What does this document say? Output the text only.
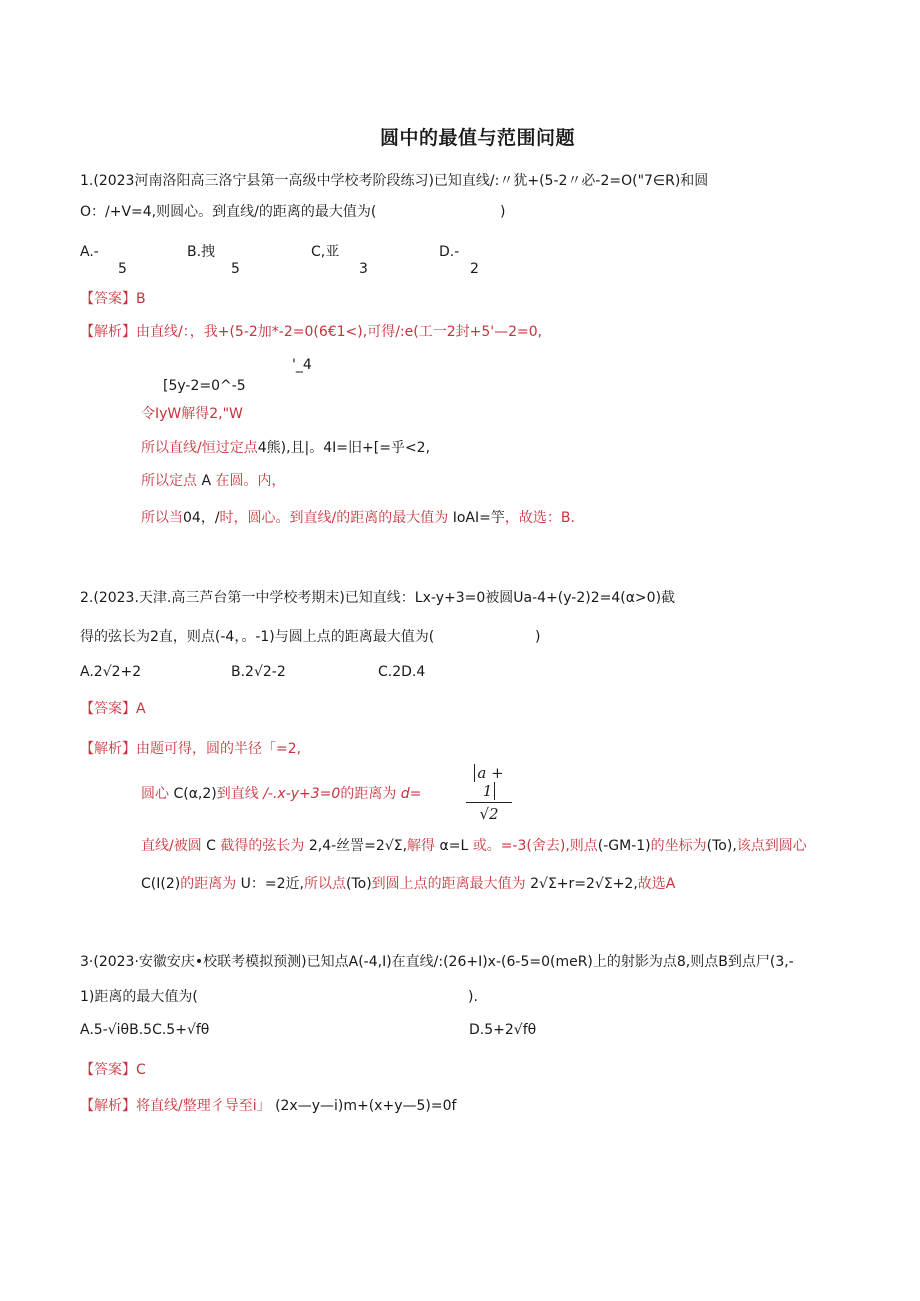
圆中的最值与范围问题
1.(2023河南洛阳高三洛宁县第一高级中学校考阶段练习)已知直线/:〃犹+(5-2〃必-2=O("7∈R)和圆
O：/+V=4,则圆心。到直线/的距离的最大值为(	)
A.-
5
B.拽
5
C,亚
3
D.-
2
【答案】B
【解析】由直线/：，我+(5-2加*-2=0(6€1<),可得/:e(工一2封+5'—2=0,
'_4
[5y-2=0^-5
令IyW解得2,"W
所以直线/恒过定点4熊),且|。4I=旧+[=乎<2,
所以定点 A 在圆。内，
所以当04，/时，圆心。到直线/的距离的最大值为 IoAI=竽，故选：B.
2.(2023.天津.高三芦台第一中学校考期末)已知直线：Lx-y+3=0被圆Ua-4+(y-2)2=4(α>0)截
得的弦长为2直，则点(-4，。-1)与圆上点的距离最大值为(	)
A.2√2+2	B.2√2-2	C.2D.4
【答案】A
【解析】由题可得，圆的半径「=2,
圆心 C(α,2)到直线 /-.x-y+3=0的距离为 d=
a + 1
√2
直线/被圆 C 截得的弦长为 2,4-丝詈=2√Σ,解得 α=L 或。=-3(舍去),则点(-GM-1)的坐标为(To),该点到圆心
C(I(2)的距离为 U：=2近,所以点(To)到圆上点的距离最大值为 2√Σ+r=2√Σ+2,故选A
3·(2023·安徽安庆•校联考模拟预测)已知点A(-4,I)在直线/:(26+I)x-(6-5=0(meR)上的射影为点8,则点B到点尸(3,-
1)距离的最大值为(	).
A.5-√iθB.5C.5+√fθ	D.5+2√fθ
【答案】C
【解析】将直线/整理彳导至i」 (2x—y—i)m+(x+y—5)=0f
